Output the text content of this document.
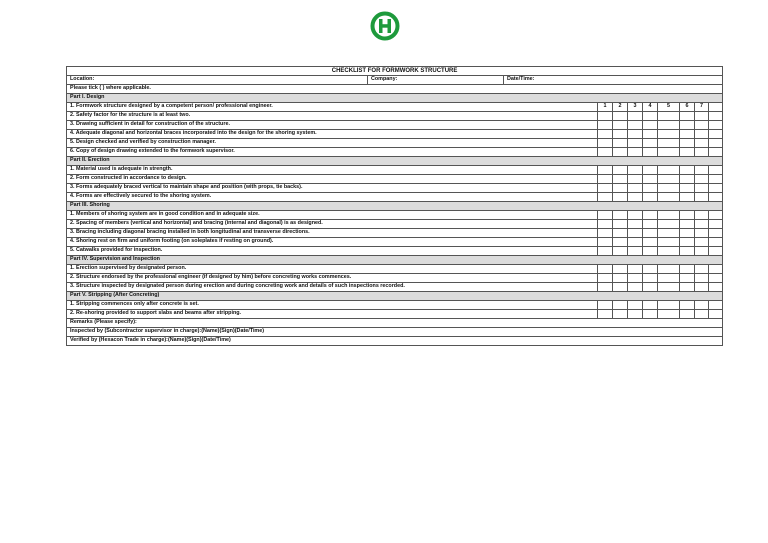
CHECKLIST FOR FORMWORK STRUCTURE										
Location:	Company:	Date/Time:								
Please tick ( ) where applicable.										
Part I. Design										
1. Formwork structure designed by a competent person/ professional engineer.			1	2	3	4	5	6	7	
2. Safety factor for the structure is at least two.										
3. Drawing sufficient in detail for construction of the structure.										
4. Adequate diagonal and horizontal braces incorporated into the design for the shoring system.										
5. Design checked and verified by construction manager.										
6. Copy of design drawing extended to the formwork supervisor.										
Part II. Erection										
1. Material used is adequate in strength.										
2. Form constructed in accordance to design.										
3. Forms adequately braced vertical to maintain shape and position (with props, tie backs).										
4. Forms are effectively secured to the shoring system.										
Part III. Shoring										
1. Members of shoring system are in good condition and in adequate size.										
2. Spacing of members (vertical and horizontal) and bracing (internal and diagonal) is as designed.										
3. Bracing including diagonal bracing installed in both longitudinal and transverse directions.										
4. Shoring rest on firm and uniform footing (on soleplates if resting on ground).										
5. Catwalks provided for inspection.										
Part IV. Supervision and Inspection										
1. Erection supervised by designated person.										
2. Structure endorsed by the professional engineer (if designed by him) before concreting works commences.										
3. Structure inspected by designated person during erection and during concreting work and details of such inspections recorded.										
Part V. Stripping (After Concreting)										
1. Stripping commences only after concrete is set.										
2. Re-shoring provided to support slabs and beams after stripping.										
Remarks (Please specify):										
Inspected by (Subcontractor supervisor in charge):(Name)(Sign)(Date/Time)										
Verified by (Hexacon Trade in charge):(Name)(Sign)(Date/Time)										
